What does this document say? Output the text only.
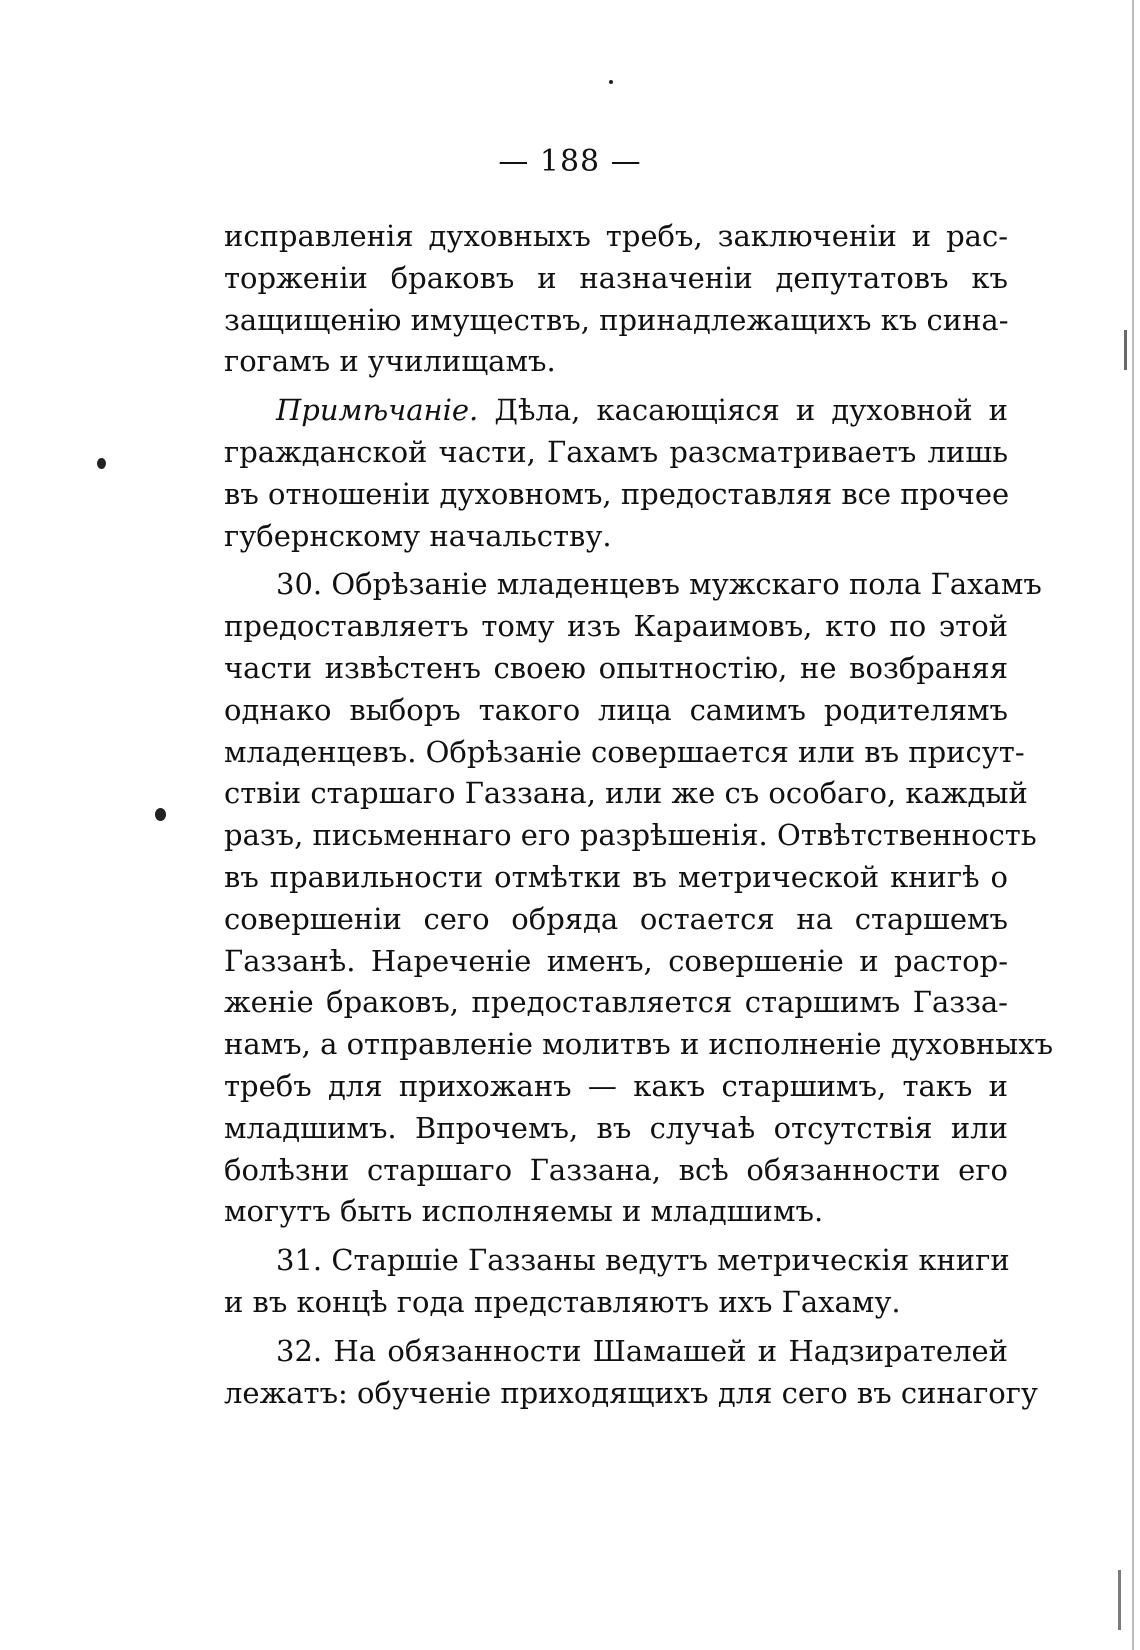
— 188 —
исправленія духовныхъ требъ, заключеніи и рас-
торженіи браковъ и назначеніи депутатовъ къ
защищенію имуществъ, принадлежащихъ къ сина-
гогамъ и училищамъ.
Примѣчаніе. Дѣла, касающіяся и духовной и
гражданской части, Гахамъ разсматриваетъ лишь
въ отношеніи духовномъ, предоставляя все прочее
губернскому начальству.
30. Обрѣзаніе младенцевъ мужскаго пола Гахамъ
предоставляетъ тому изъ Караимовъ, кто по этой
части извѣстенъ своею опытностію, не возбраняя
однако выборъ такого лица самимъ родителямъ
младенцевъ. Обрѣзаніе совершается или въ присут-
ствіи старшаго Газзана, или же съ особаго, каждый
разъ, письменнаго его разрѣшенія. Отвѣтственность
въ правильности отмѣтки въ метрической книгѣ о
совершеніи сего обряда остается на старшемъ
Газзанѣ. Нареченіе именъ, совершеніе и растор-
женіе браковъ, предоставляется старшимъ Газза-
намъ, а отправленіе молитвъ и исполненіе духовныхъ
требъ для прихожанъ — какъ старшимъ, такъ и
младшимъ. Впрочемъ, въ случаѣ отсутствія или
болѣзни старшаго Газзана, всѣ обязанности его
могутъ быть исполняемы и младшимъ.
31. Старшіе Газзаны ведутъ метрическія книги
и въ концѣ года представляютъ ихъ Гахаму.
32. На обязанности Шамашей и Надзирателей
лежатъ: обученіе приходящихъ для сего въ синагогу
